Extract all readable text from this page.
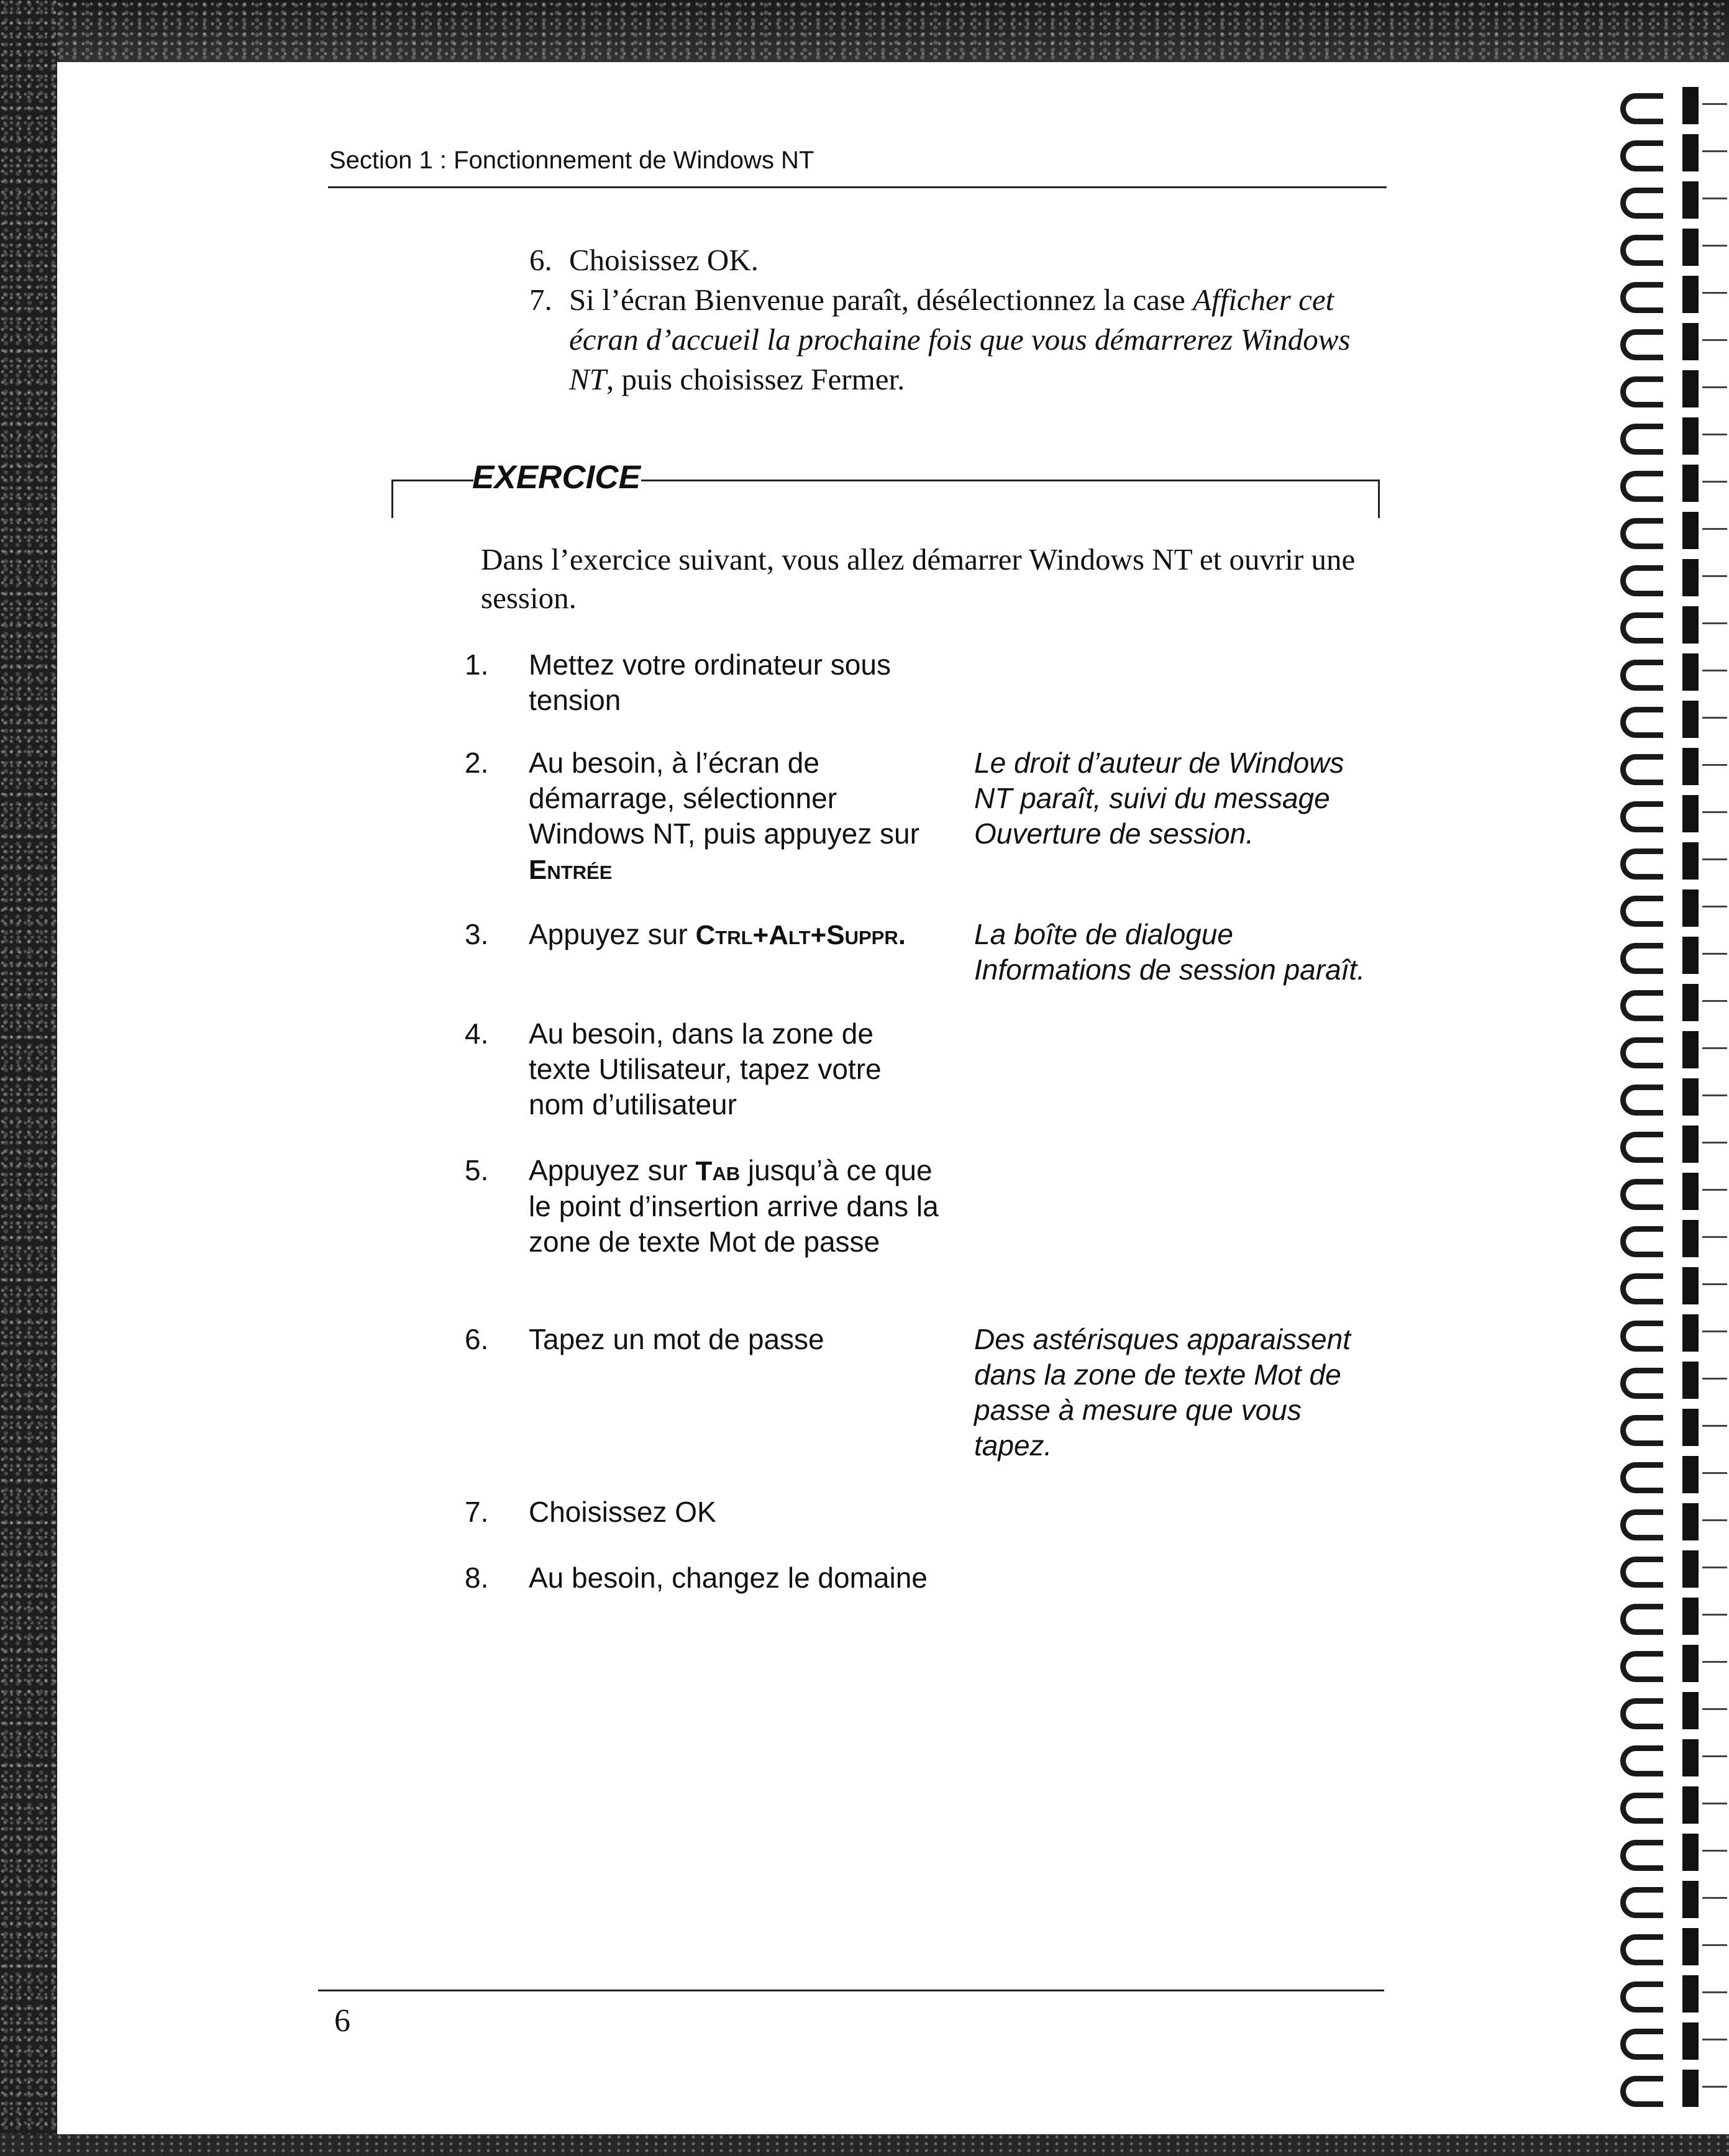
Section 1 : Fonctionnement de Windows NT
6. Choisissez OK.
7. Si l’écran Bienvenue paraît, désélectionnez la case Afficher cet écran d’accueil la prochaine fois que vous démarrerez Windows NT, puis choisissez Fermer.
EXERCICE
Dans l’exercice suivant, vous allez démarrer Windows NT et ouvrir une session.
1. Mettez votre ordinateur sous tension
2. Au besoin, à l’écran de démarrage, sélectionner Windows NT, puis appuyez sur Entrée
Le droit d’auteur de Windows NT paraît, suivi du message Ouverture de session.
3. Appuyez sur Ctrl+Alt+Suppr.	La boîte de dialogue Informations de session paraît.
4. Au besoin, dans la zone de texte Utilisateur, tapez votre nom d’utilisateur
5. Appuyez sur Tab jusqu’à ce que le point d’insertion arrive dans la zone de texte Mot de passe
6. Tapez un mot de passe	Des astérisques apparaissent dans la zone de texte Mot de passe à mesure que vous tapez.
7. Choisissez OK
8. Au besoin, changez le domaine
6
